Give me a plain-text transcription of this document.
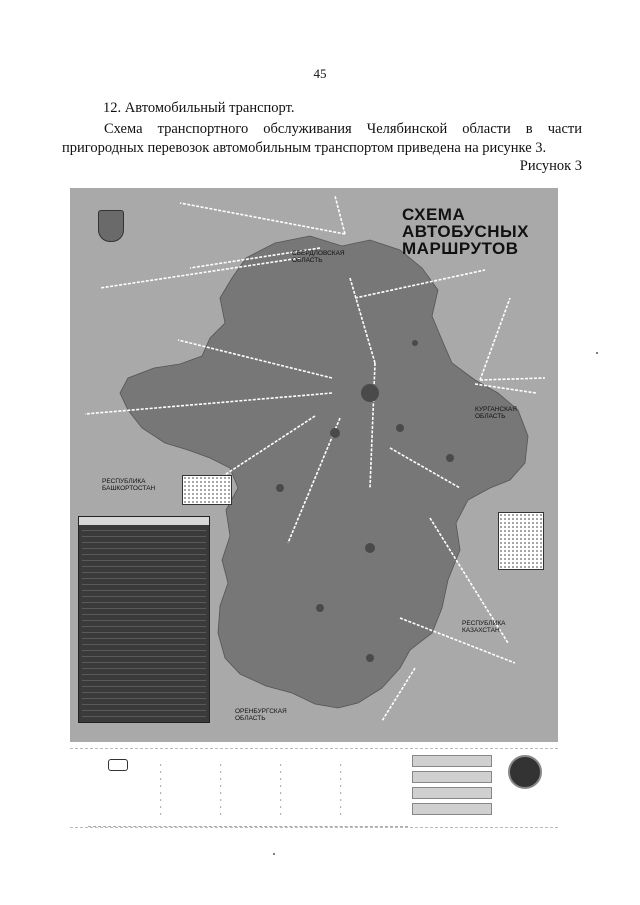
45
12. Автомобильный транспорт.
Схема транспортного обслуживания Челябинской области в части пригородных перевозок автомобильным транспортом приведена на рисунке 3.
Рисунок 3
СХЕМА
АВТОБУСНЫХ
МАРШРУТОВ
СВЕРДЛОВСКАЯ ОБЛАСТЬ
КУРГАНСКАЯ ОБЛАСТЬ
РЕСПУБЛИКА БАШКОРТОСТАН
РЕСПУБЛИКА КАЗАХСТАН
ОРЕНБУРГСКАЯ ОБЛАСТЬ
•
•
•
•
•
•
•
•
•
•
•
•
•
•
•
•
•
•
•
•
•
•
•
•
•
•
•
•
•
•
•
•
